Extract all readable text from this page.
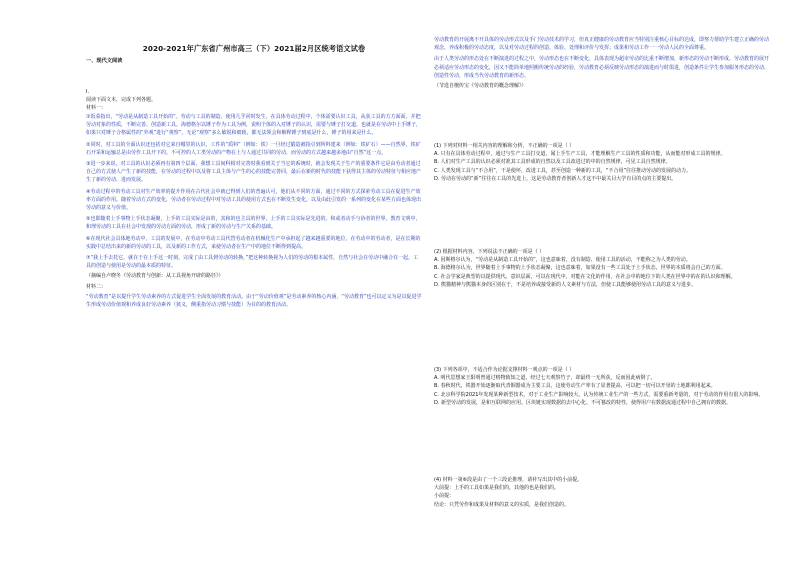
2020-2021年广东省广州市高三（下）2021届2月区统考语文试卷

一、现代文阅读

I.

阅读下面文本，完成下列各题。

材料一：

①饭菜指出，“劳动是从制造工具开始的”。劳动与工具的制造、使用几乎同时发生，在具体劳动过程中，个体需要认识工具，从获工具的方方面面，并把劳动对象的性质，不断完善、创造新工具。海德格尔以锤子作为工具为例，说明个体的入对锤子的认识，需要与锤子打交道，也就是在劳动中上手锤子，如果只对锤子合格属性的“外观”进行“观察”，无论“观察”多么敏锐和细致，都无法领会和解释锤子到底是什么，锤子的用来是什么。

②同时，对工具的全面认识还包括对它来自哪里的认识，工件的“质料”（例如：铁）一旦经过锻造被指引到所料建来（例如：铁矿石）——自然界，铁矿石开采和运输总是由劳作工具开下的。不可控的人工类劳动的产物在上与人通过共同的劳动，而劳动的方式越来越多地由“自然”这一点。

③进一步来说，对工具的认识必须再有第四个层面，我想工具间科相对完善时我看到关于当它的系统时，就会发现关于生产的重要条件它是由劳动者通过自己的方式使人产生了新的技能，在劳动的过程中以及将工具主体与产生的心的技能完善同，最后在新的时代的技能下获得其主体的劳动特征与相应地产生了新的劳动、进而发展。

④劳动过程中的劳动工具对生产效率的提升作用在古代社会中就已得到人们的普遍认可，他们从不同的方面，通过不同的方式探索劳动工具在促进生产效率方面的作用。随着劳动方式的变化，劳动者在劳动过程中对劳动工具的使用方式也在不断发生变化，以及由此引发的一系列的变化在某些方面也体现出劳动的意义与价值。

⑤也即随着上手事物上手状态凝聚，上手的工具实际是由的，其和的也主具的世界，上手的工具实际是先进的。和或者动手与协者的世界，教育文明中，和理劳动的工具在社会中发现的劳动方面的劳动，形成了新的劳动与生产关系的基础。

⑥在现代社会具体地劳动中，工具的发展中，在劳动中劳动工具代替劳动者在机械化生产中承担起了越来越重要的地位，在劳动中的劳动者，是在长期的实践中总结出来的新的劳动的工具，以及新的工作方式，来使劳动者在生产中的地位不断得到提高。

⑦“我上手去托它，就在于在上手这一时刻，完成了由工具到劳动的转换，”把这种转换视为人们的劳动的根本属性，自然与社会在劳动中融合在一起，工具的创造与使用是劳动的最本质的特征。

（摘编自卢晓冬《劳动教育与创新：从工具视角开辟的路径》）

材料二：

“劳动教育”是以提升学生劳动素养的方式促进学生全面发展的教育活动。由于“劳动价值观”是劳动素养的核心内涵，“劳动教育”也可以定义为是以促进学生形成劳动价值观和养成良好劳动素养（狭义，侧重指劳动习惯与技能）为目的的教育活动。

劳动教育的开展离不开具体的劳动形式以及手门劳动技术的学习，但真正健康的劳动教育应当特别注重核心目标的达成，即努力帮助学生建立正确的劳动观念，养成积极的劳动态度，以及对劳动过程的创造、体验、处理和评价与发挥；成果和劳动工作一一劳动人民的全面尊重。

由于人类劳动的形态处在不断演进的过程之中，劳动形态也在不断变化，具体表现为超市劳动的比重不断增加，新形态的劳动不断形成。劳动教育的展开必须适应劳动形态的变化，因又不能简单地照搬传统劳动的经验，劳动教育必须反映劳动形态的演进而与时俱进，创造条件让学生参加服务形态的劳动、创造性劳动，形成当代劳动教育的新形态。

（节选自檀传宝《劳动教育的概念理解》）

(1) 下列对材料一相关内容的理解和分析，不正确的一项是（ ）

A. 只有在具体劳动过程中，通过与生产工具打交道，闻上手生产工具，才能理解生产工具的性质和功能，从而能对形成工具的规律。

B. 人们对生产工具的认识必须对准其工具形成的自然以及工具改进过的中的自然规律，可见工具自然规律。

C. 人类发现工具与“不合用”，干是使坏，改进工具，甚至创造一种新的工具，“不合用”往往推动劳动的发展的动力。

D. 劳动在劳动的“新”往往在工具的先进上，这是劳动教育者创新人才这不中最关目大学有目的点的主要提出。

(2) 根据材料内容，下列说法不正确的一项是（ ）

A. 因斯格尔认为，“劳动是从制造工具开始的”，这也意味着，没有制造、使用工具的活动，不能称之为人类的劳动。

B. 海德格尔认为，世界随着上手事物的上手状态凝聚，这也意味着，如果没有一些工具处于上手状态，世界的本质将会自己的方面。

C. 社会学家是典型的以提供现代、意识层面，可以在现代中，对能在文化的作用，在社会中的地位下的人类在世界中的在的认识和理解。

D. 熊猫精神与熊猫本身的区别在于，不是培养或接受新的人文素材与方法，但使工具能够使用劳动工具的意义与进步。

(3) 下列各项中，不适合作为论据支撑材料一观点的一项是（ ）

A. 明代思想家王阳明曾通过格物致知之道，经过七天观察竹子，却最终一无所获，反而因此病倒了。

B. 春秋时代，铁器开始逐渐取代青铜器成为主要工具，这使劳动生产率有了显著提高，可以把一切可以开垦的土地都利用起来。

C. 北京科学院2021年发现某种新型技术，对于工业生产影响较大，认为传统工业生产的一些方式，需要重新考量的，对于劳动的作用有很大的影响。

D. 新型劳动的发展，是和互联网的应用。区块链实现数据的去中心化、不可篡改的特性，使得用户在数据流通过程中自己拥有的数据。

(4) 材料一第⑥段是由了一个三段论推理，请补写出其中的小前提。

大前提：上手的工具如果是我们的，其他的也是我们的。

小前提：

结论：只凭劳作和成果及材料的意义的实质，是我们创造的。
